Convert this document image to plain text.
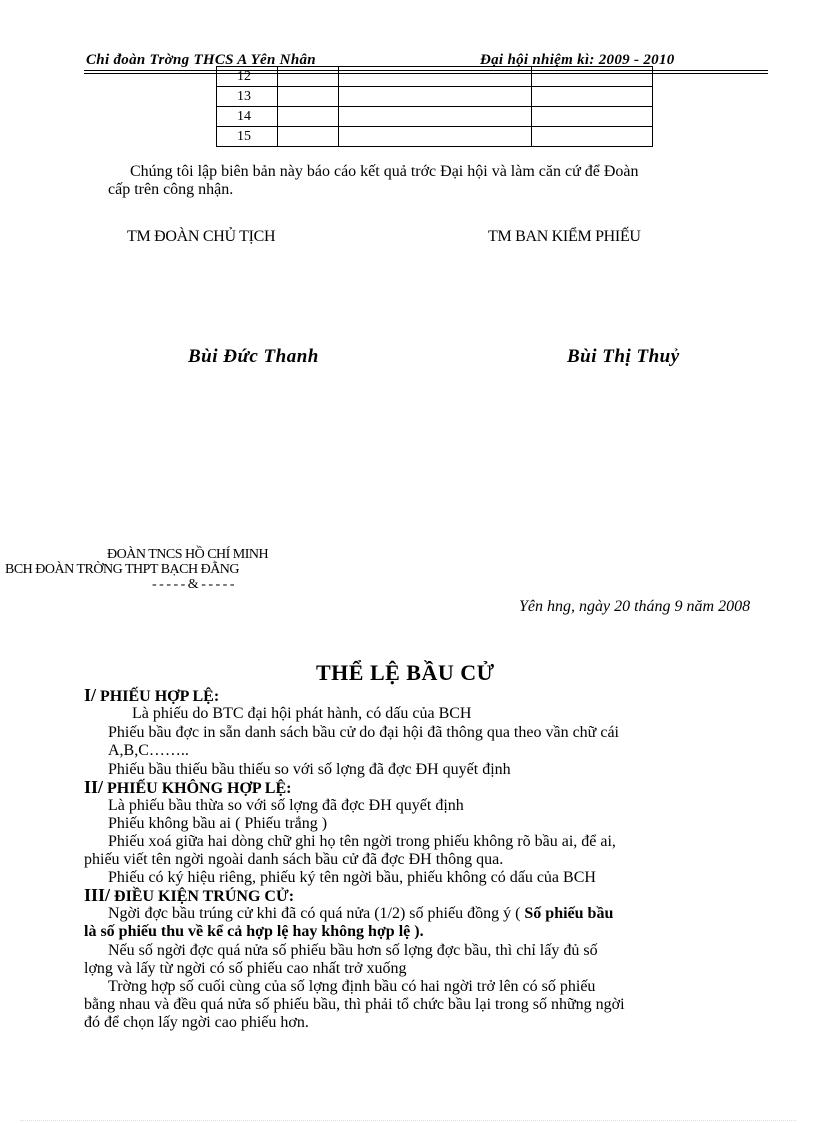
Chi đoàn Trờng THCS A Yên Nhân	Đại hội nhiệm kì: 2009 - 2010
12			
13			
14			
15			
Chúng tôi lập biên bản này báo cáo kết quả trớc Đại hội và làm căn cứ để Đoàn
cấp trên công nhận.
TM ĐOÀN CHỦ TỊCH	TM BAN KIỂM PHIẾU
Bùi Đức Thanh	Bùi Thị Thuỷ
ĐOÀN TNCS HỒ CHÍ MINH
BCH ĐOÀN TRỜNG THPT BẠCH ĐẰNG
- - - - - & - - - - -
Yên hng, ngày 20 tháng 9 năm 2008
THỂ LỆ BẦU CỬ
I/ PHIẾU HỢP LỆ:
Là phiếu do BTC đại hội phát hành, có dấu của BCH
Phiếu bầu đợc in sẵn danh sách bầu cử do đại hội đã thông qua theo vần chữ cái
A,B,C……..
Phiếu bầu thiếu bầu thiếu so với số lợng đã đợc ĐH quyết định
II/ PHIẾU KHÔNG HỢP LỆ:
Là phiếu bầu thừa so với số lợng đã đợc ĐH quyết định
Phiếu không bầu ai ( Phiếu trắng )
Phiếu xoá giữa hai dòng chữ ghi họ tên ngời trong phiếu không rõ bầu ai, để ai,
phiếu viết tên ngời ngoài danh sách bầu cử đã đợc ĐH thông qua.
Phiếu có ký hiệu riêng, phiếu ký tên ngời bầu, phiếu không có dấu của BCH
III/ ĐIỀU KIỆN TRÚNG CỬ:
Ngời đợc bầu trúng cử khi đã có quá nửa (1/2) số phiếu đồng ý ( Số phiếu bầu
là số phiếu thu về kể cả hợp lệ hay không hợp lệ ).
Nếu số ngời đợc quá nửa số phiếu bầu hơn số lợng đợc bầu, thì chỉ lấy đủ số
lợng và lấy từ ngời có số phiếu cao nhất trở xuống
Trờng hợp số cuối cùng của số lợng định bầu có hai ngời trở lên có số phiếu
bằng nhau và đều quá nửa số phiếu bầu, thì phải tổ chức bầu lại trong số những ngời
đó để chọn lấy ngời cao phiếu hơn.
